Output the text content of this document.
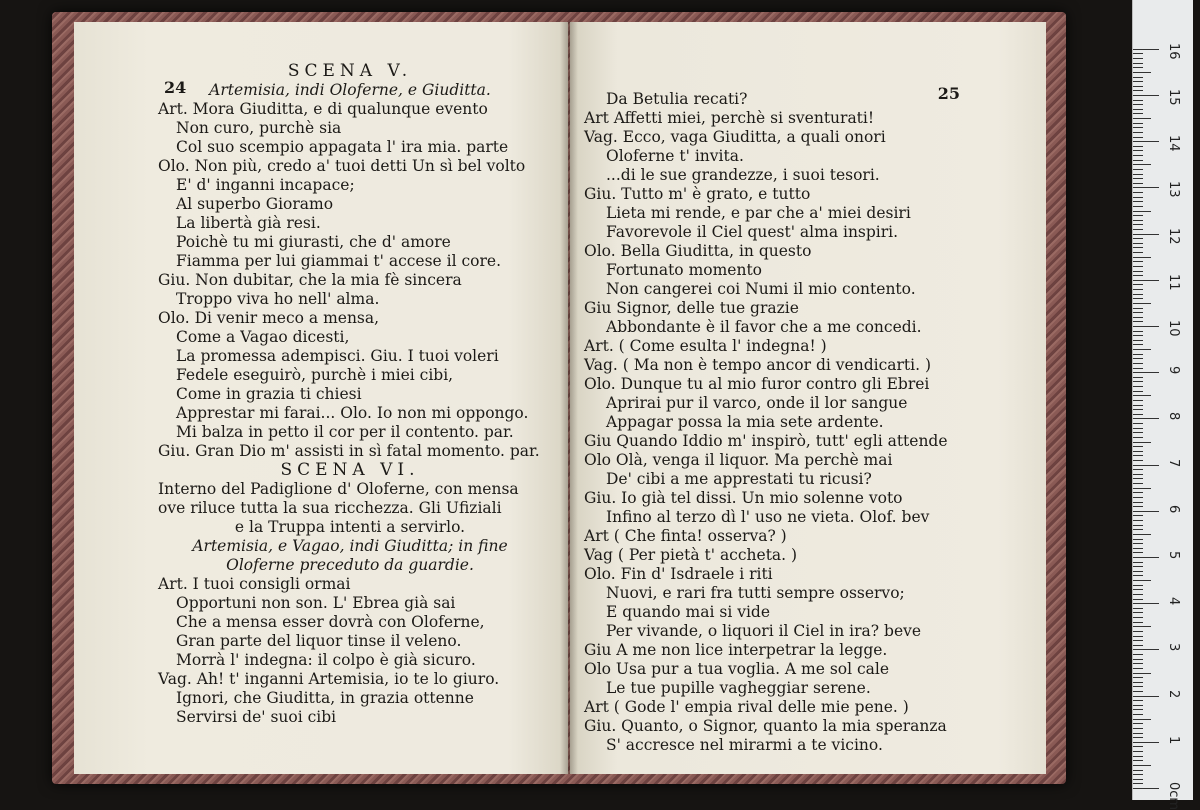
24
SCENA V.
Artemisia, indi Oloferne, e Giuditta.
Art. Mora Giuditta, e di qualunque evento
Non curo, purchè sia
Col suo scempio appagata l' ira mia. parte
Olo. Non più, credo a' tuoi detti Un sì bel volto
E' d' inganni incapace;
Al superbo Gioramo
La libertà già resi.
Poichè tu mi giurasti, che d' amore
Fiamma per lui giammai t' accese il core.
Giu. Non dubitar, che la mia fè sincera
Troppo viva ho nell' alma.
Olo. Di venir meco a mensa,
Come a Vagao dicesti,
La promessa adempisci. Giu. I tuoi voleri
Fedele eseguirò, purchè i miei cibi,
Come in grazia ti chiesi
Apprestar mi farai... Olo. Io non mi oppongo.
Mi balza in petto il cor per il contento. par.
Giu. Gran Dio m' assisti in sì fatal momento. par.
SCENA VI.
Interno del Padiglione d' Oloferne, con mensa
ove riluce tutta la sua ricchezza. Gli Ufiziali
e la Truppa intenti a servirlo.
Artemisia, e Vagao, indi Giuditta; in fine
Oloferne preceduto da guardie.
Art. I tuoi consigli ormai
Opportuni non son. L' Ebrea già sai
Che a mensa esser dovrà con Oloferne,
Gran parte del liquor tinse il veleno.
Morrà l' indegna: il colpo è già sicuro.
Vag. Ah! t' inganni Artemisia, io te lo giuro.
Ignori, che Giuditta, in grazia ottenne
Servirsi de' suoi cibi
25
Da Betulia recati?
Art Affetti miei, perchè si sventurati!
Vag. Ecco, vaga Giuditta, a quali onori
Oloferne t' invita.
...di le sue grandezze, i suoi tesori.
Giu. Tutto m' è grato, e tutto
Lieta mi rende, e par che a' miei desiri
Favorevole il Ciel quest' alma inspiri.
Olo. Bella Giuditta, in questo
Fortunato momento
Non cangerei coi Numi il mio contento.
Giu Signor, delle tue grazie
Abbondante è il favor che a me concedi.
Art. ( Come esulta l' indegna! )
Vag. ( Ma non è tempo ancor di vendicarti. )
Olo. Dunque tu al mio furor contro gli Ebrei
Aprirai pur il varco, onde il lor sangue
Appagar possa la mia sete ardente.
Giu Quando Iddio m' inspirò, tutt' egli attende
Olo Olà, venga il liquor. Ma perchè mai
De' cibi a me apprestati tu ricusi?
Giu. Io già tel dissi. Un mio solenne voto
Infino al terzo dì l' uso ne vieta. Olof. bev
Art ( Che finta! osserva? )
Vag ( Per pietà t' accheta. )
Olo. Fin d' Isdraele i riti
Nuovi, e rari fra tutti sempre osservo;
E quando mai si vide
Per vivande, o liquori il Ciel in ira? beve
Giu A me non lice interpetrar la legge.
Olo Usa pur a tua voglia. A me sol cale
Le tue pupille vagheggiar serene.
Art ( Gode l' empia rival delle mie pene. )
Giu. Quanto, o Signor, quanto la mia speranza
S' accresce nel mirarmi a te vicino.
0cm
1
2
3
4
5
6
7
8
9
10
11
12
13
14
15
16
